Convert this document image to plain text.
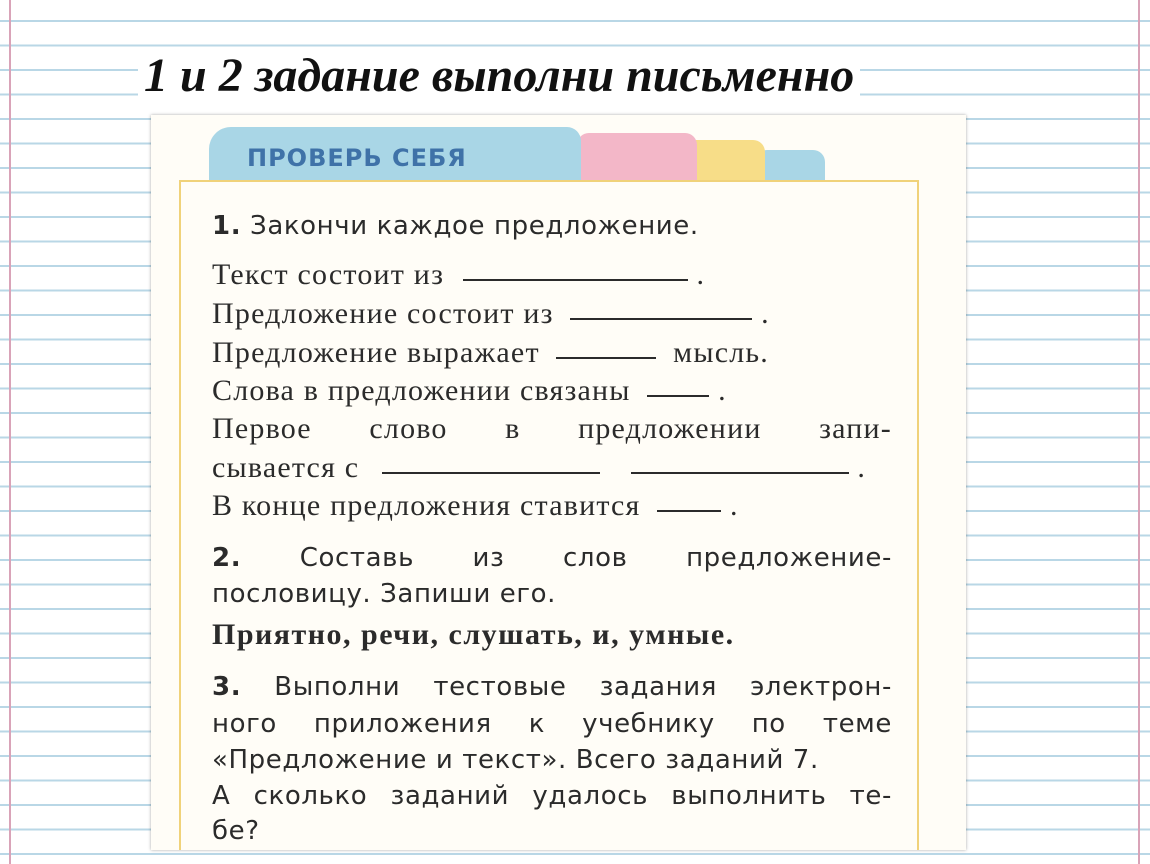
1 и 2 задание выполни письменно
ПРОВЕРЬ СЕБЯ
1. Закончи каждое предложение.
Текст состоит из	.
Предложение состоит из	.
Предложение выражает	мысль.
Слова в предложении связаны	.
Первое слово в предложении запи-
сывается с	.
В конце предложения ставится	.
2. Составь из слов предложение-
пословицу. Запиши его.
Приятно, речи, слушать, и, умные.
3. Выполни тестовые задания электрон-
ного приложения к учебнику по теме
«Предложение и текст». Всего заданий 7.
А сколько заданий удалось выполнить те-
бе?
